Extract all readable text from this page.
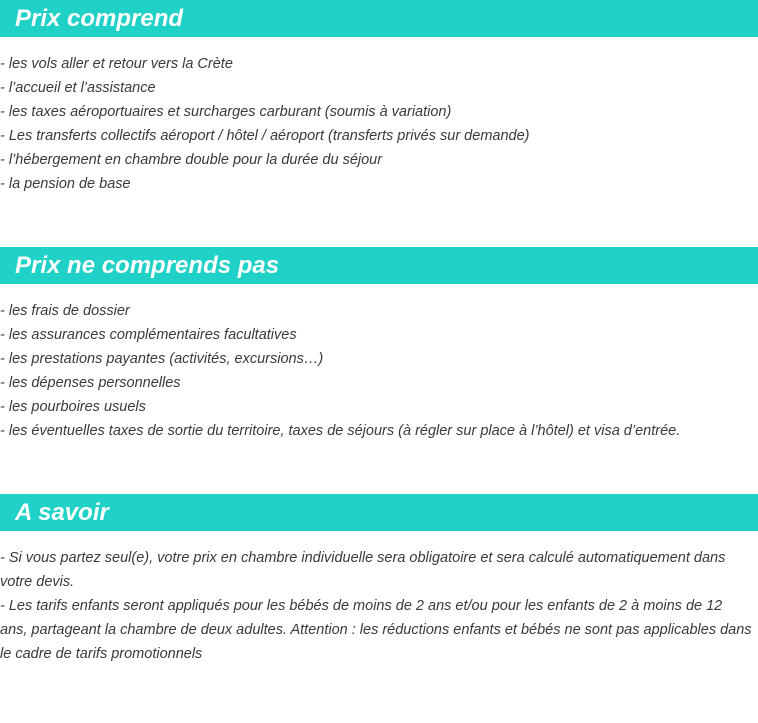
Prix comprend

- les vols aller et retour vers la Crète

- l’accueil et l’assistance

- les taxes aéroportuaires et surcharges carburant (soumis à variation)

- Les transferts collectifs aéroport / hôtel / aéroport (transferts privés sur demande)

- l’hébergement en chambre double pour la durée du séjour

- la pension de base

Prix ne comprends pas

- les frais de dossier

- les assurances complémentaires facultatives

- les prestations payantes (activités, excursions…)

- les dépenses personnelles

- les pourboires usuels

- les éventuelles taxes de sortie du territoire, taxes de séjours (à régler sur place à l’hôtel) et visa d’entrée.

A savoir

- Si vous partez seul(e), votre prix en chambre individuelle sera obligatoire et sera calculé automatiquement dans votre devis.

- Les tarifs enfants seront appliqués pour les bébés de moins de 2 ans et/ou pour les enfants de 2 à moins de 12 ans, partageant la chambre de deux adultes. Attention : les réductions enfants et bébés ne sont pas applicables dans le cadre de tarifs promotionnels
